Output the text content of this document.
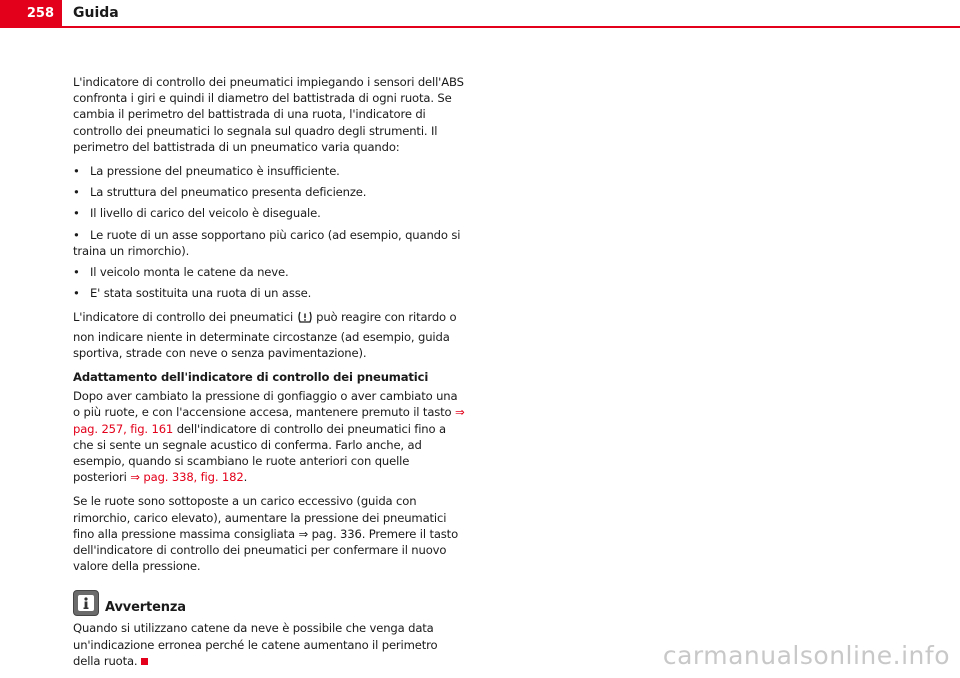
258	Guida

L'indicatore di controllo dei pneumatici impiegando i sensori dell'ABS confronta i giri e quindi il diametro del battistrada di ogni ruota. Se cambia il perimetro del battistrada di una ruota, l'indicatore di controllo dei pneumatici lo segnala sul quadro degli strumenti. Il perimetro del battistrada di un pneumatico varia quando:

• La pressione del pneumatico è insufficiente.
• La struttura del pneumatico presenta deficienze.
• Il livello di carico del veicolo è diseguale.
• Le ruote di un asse sopportano più carico (ad esempio, quando si traina un rimorchio).
• Il veicolo monta le catene da neve.
• E' stata sostituita una ruota di un asse.

L'indicatore di controllo dei pneumatici può reagire con ritardo o non indicare niente in determinate circostanze (ad esempio, guida sportiva, strade con neve o senza pavimentazione).

Adattamento dell'indicatore di controllo dei pneumatici

Dopo aver cambiato la pressione di gonfiaggio o aver cambiato una o più ruote, e con l'accensione accesa, mantenere premuto il tasto ⇒ pag. 257, fig. 161 dell'indicatore di controllo dei pneumatici fino a che si sente un segnale acustico di conferma. Farlo anche, ad esempio, quando si scambiano le ruote anteriori con quelle posteriori ⇒ pag. 338, fig. 182.

Se le ruote sono sottoposte a un carico eccessivo (guida con rimorchio, carico elevato), aumentare la pressione dei pneumatici fino alla pressione massima consigliata ⇒ pag. 336. Premere il tasto dell'indicatore di controllo dei pneumatici per confermare il nuovo valore della pressione.

Avvertenza
Quando si utilizzano catene da neve è possibile che venga data un'indicazione erronea perché le catene aumentano il perimetro della ruota.	carmanualsonline.info
